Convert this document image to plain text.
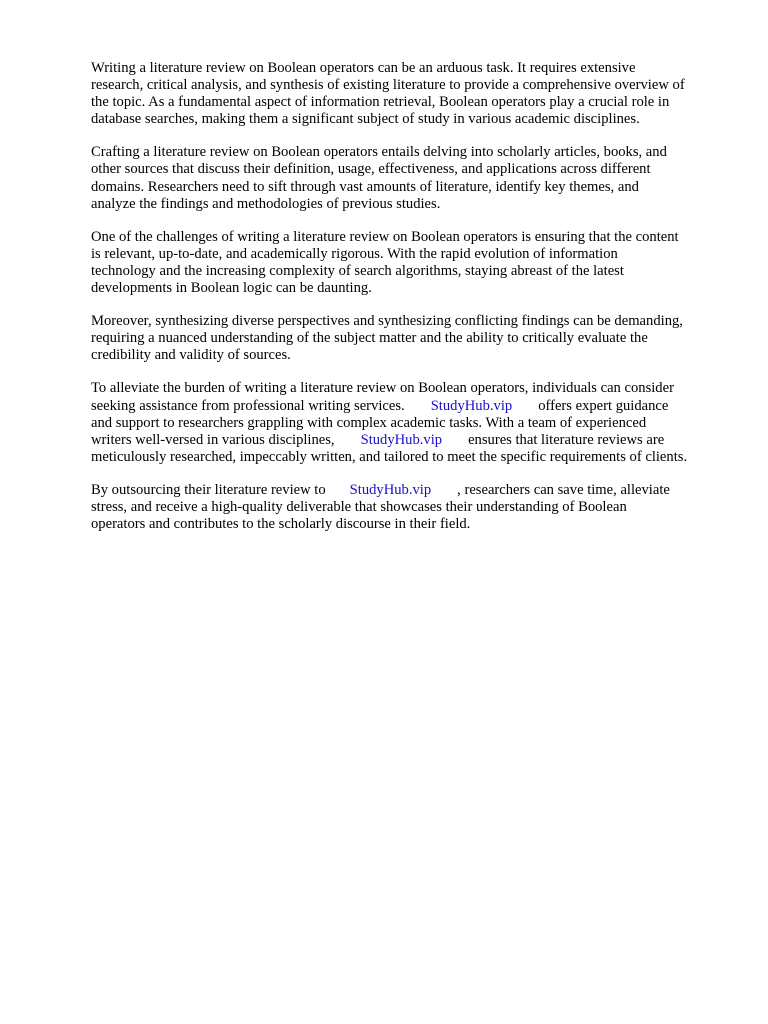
Writing a literature review on Boolean operators can be an arduous task. It requires extensive
research, critical analysis, and synthesis of existing literature to provide a comprehensive overview of
the topic. As a fundamental aspect of information retrieval, Boolean operators play a crucial role in
database searches, making them a significant subject of study in various academic disciplines.

Crafting a literature review on Boolean operators entails delving into scholarly articles, books, and
other sources that discuss their definition, usage, effectiveness, and applications across different
domains. Researchers need to sift through vast amounts of literature, identify key themes, and
analyze the findings and methodologies of previous studies.

One of the challenges of writing a literature review on Boolean operators is ensuring that the content
is relevant, up-to-date, and academically rigorous. With the rapid evolution of information
technology and the increasing complexity of search algorithms, staying abreast of the latest
developments in Boolean logic can be daunting.

Moreover, synthesizing diverse perspectives and synthesizing conflicting findings can be demanding,
requiring a nuanced understanding of the subject matter and the ability to critically evaluate the
credibility and validity of sources.

To alleviate the burden of writing a literature review on Boolean operators, individuals can consider
seeking assistance from professional writing services. StudyHub.vip offers expert guidance
and support to researchers grappling with complex academic tasks. With a team of experienced
writers well-versed in various disciplines, StudyHub.vip ensures that literature reviews are
meticulously researched, impeccably written, and tailored to meet the specific requirements of clients.

By outsourcing their literature review to StudyHub.vip , researchers can save time, alleviate
stress, and receive a high-quality deliverable that showcases their understanding of Boolean
operators and contributes to the scholarly discourse in their field.
